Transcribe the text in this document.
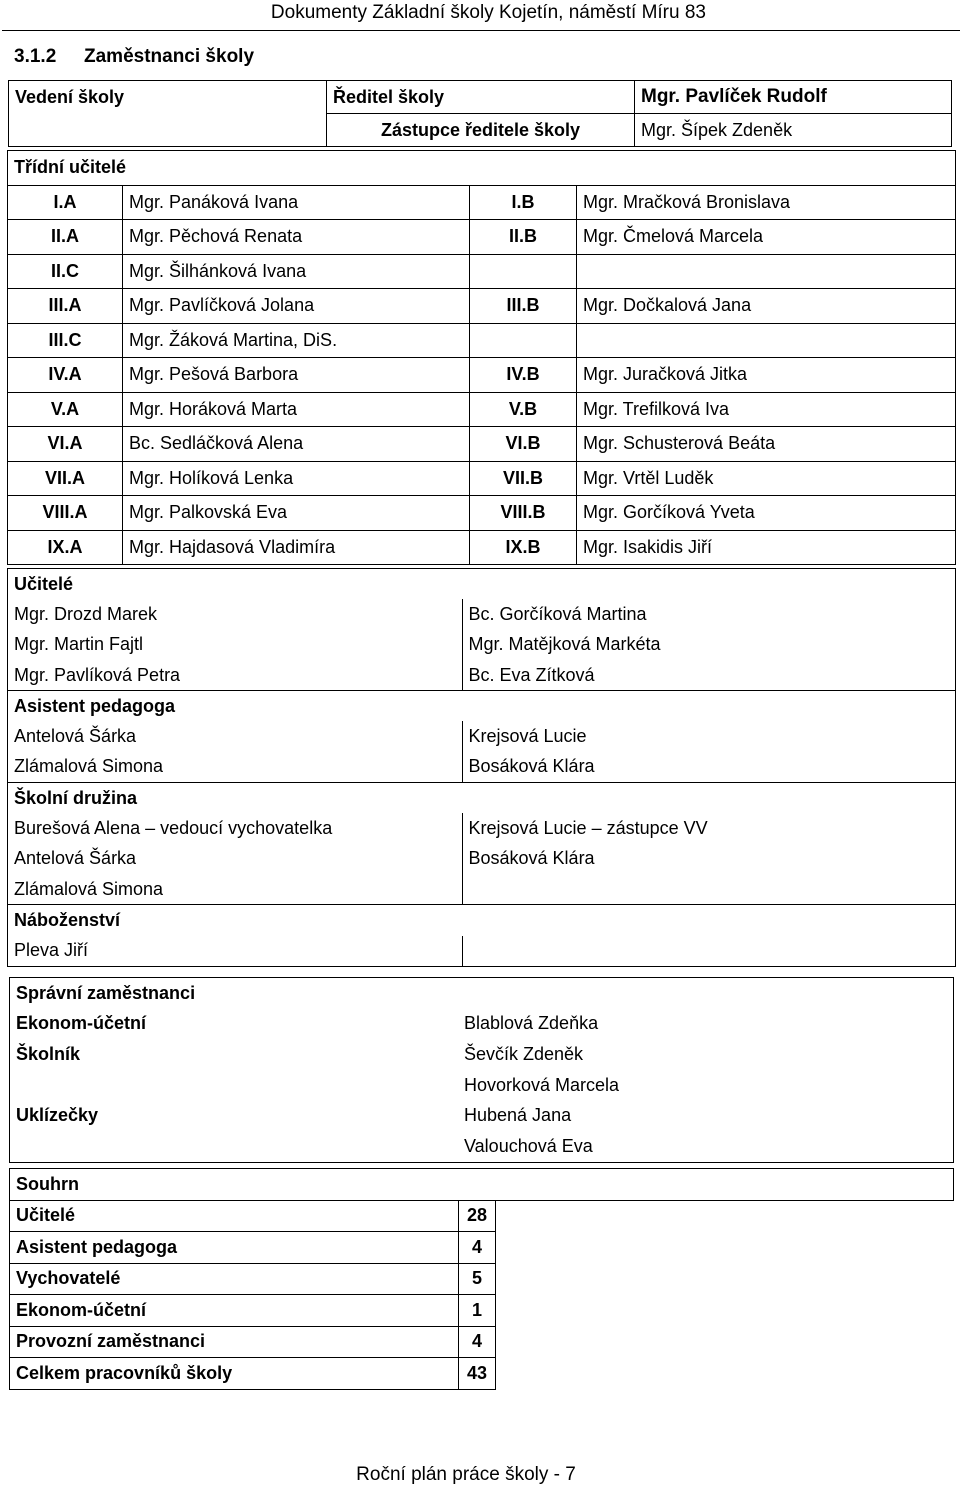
Dokumenty Základní školy Kojetín, náměstí Míru 83
3.1.2 Zaměstnanci školy
Vedení školy	Ředitel školy	Mgr. Pavlíček Rudolf
	Zástupce ředitele školy	Mgr. Šípek Zdeněk
Třídní učitelé			
I.A	Mgr. Panáková Ivana	I.B	Mgr. Mračková Bronislava
II.A	Mgr. Pěchová Renata	II.B	Mgr. Čmelová Marcela
II.C	Mgr. Šilhánková Ivana		
III.A	Mgr. Pavlíčková Jolana	III.B	Mgr. Dočkalová Jana
III.C	Mgr. Žáková Martina, DiS.		
IV.A	Mgr. Pešová Barbora	IV.B	Mgr. Juračková Jitka
V.A	Mgr. Horáková Marta	V.B	Mgr. Trefilková Iva
VI.A	Bc. Sedláčková Alena	VI.B	Mgr. Schusterová Beáta
VII.A	Mgr. Holíková Lenka	VII.B	Mgr. Vrtěl Luděk
VIII.A	Mgr. Palkovská Eva	VIII.B	Mgr. Gorčíková Yveta
IX.A	Mgr. Hajdasová Vladimíra	IX.B	Mgr. Isakidis Jiří
Učitelé	
Mgr. Drozd Marek	Bc. Gorčíková Martina
Mgr. Martin Fajtl	Mgr. Matějková Markéta
Mgr. Pavlíková Petra	Bc. Eva Zítková
Asistent pedagoga	
Antelová Šárka	Krejsová Lucie
Zlámalová Simona	Bosáková Klára
Školní družina	
Burešová Alena – vedoucí vychovatelka	Krejsová Lucie – zástupce VV
Antelová Šárka	Bosáková Klára
Zlámalová Simona	
Náboženství	
Pleva Jiří	
Správní zaměstnanci	
Ekonom-účetní	Blablová Zdeňka
Školník	Ševčík Zdeněk
Uklízečky	Hovorková Marcela
	Hubená Jana
	Valouchová Eva
Souhrn		
Učitelé	28	
Asistent pedagoga	4	
Vychovatelé	5	
Ekonom-účetní	1	
Provozní zaměstnanci	4	
Celkem pracovníků školy	43	
Roční plán práce školy - 7
